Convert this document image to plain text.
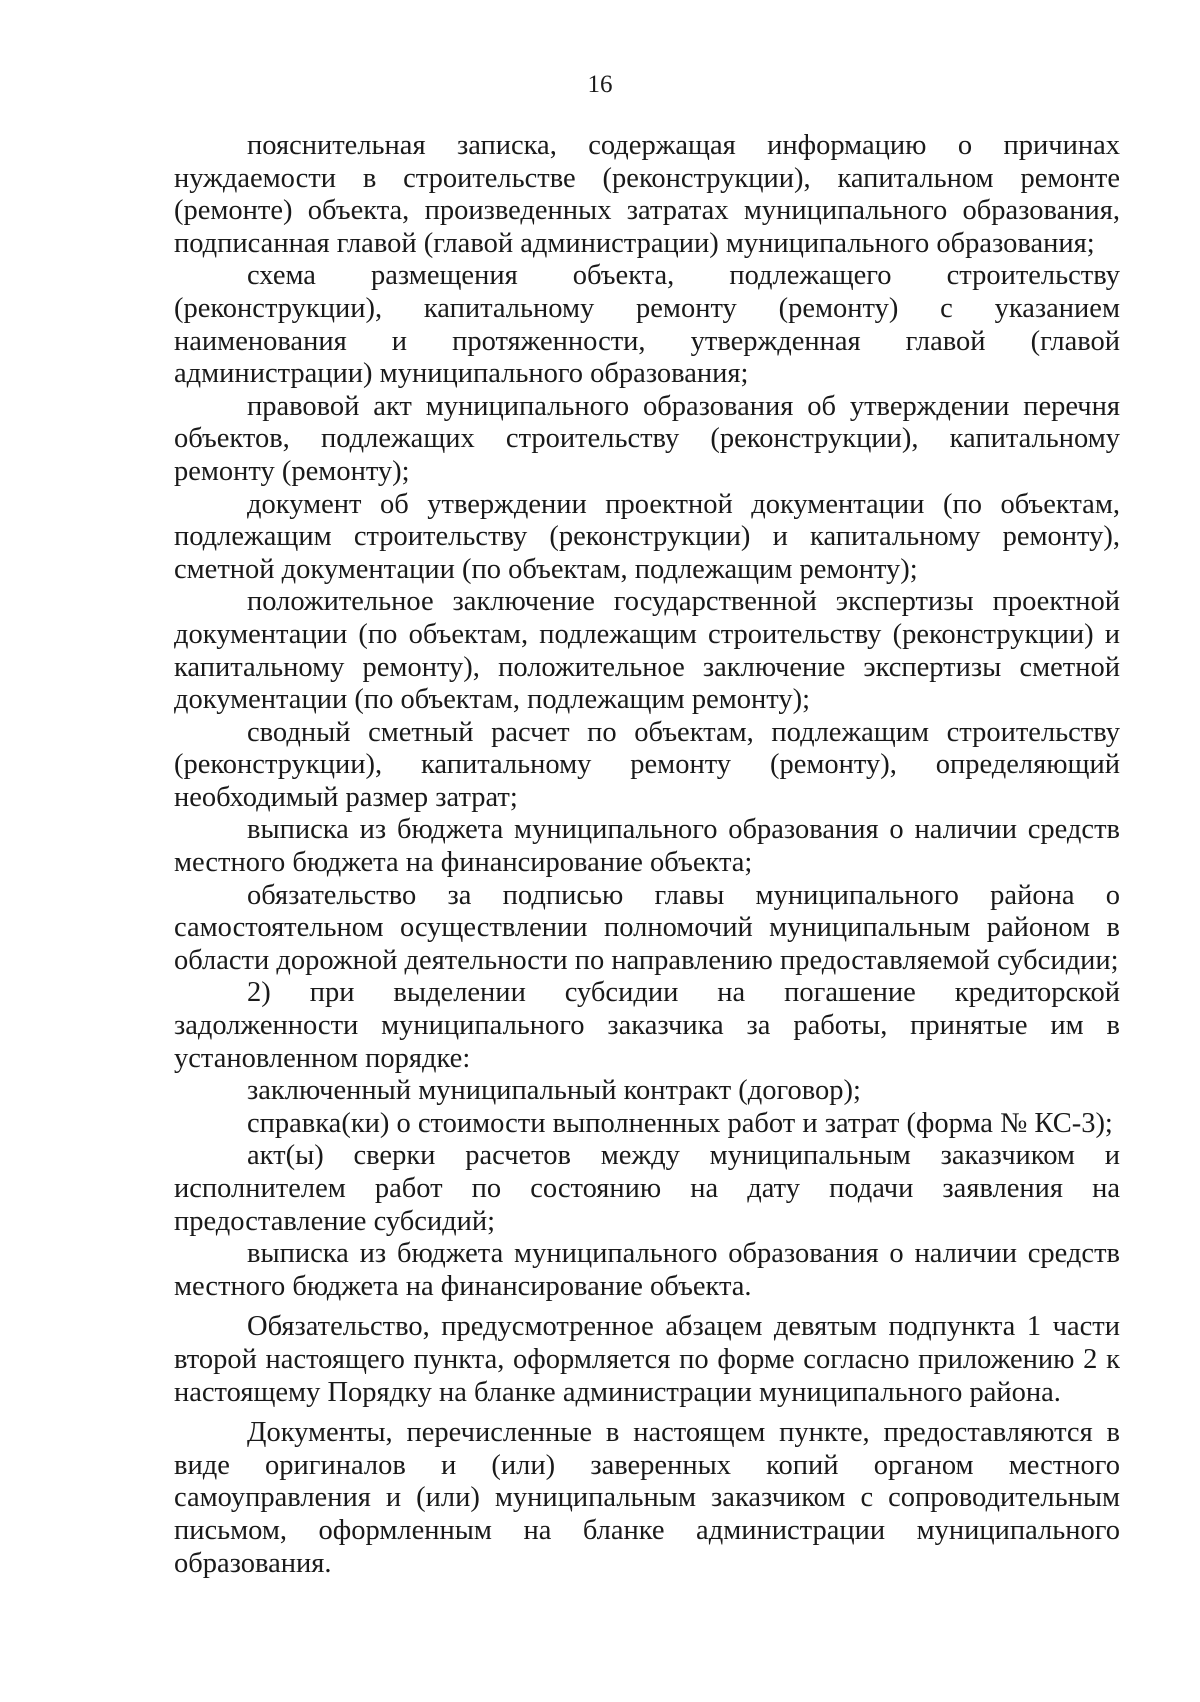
16

пояснительная записка, содержащая информацию о причинах нуждаемости в строительстве (реконструкции), капитальном ремонте (ремонте) объекта, произведенных затратах муниципального образования, подписанная главой (главой администрации) муниципального образования;

схема размещения объекта, подлежащего строительству (реконструкции), капитальному ремонту (ремонту) с указанием наименования и протяженности, утвержденная главой (главой администрации) муниципального образования;

правовой акт муниципального образования об утверждении перечня объектов, подлежащих строительству (реконструкции), капитальному ремонту (ремонту);

документ об утверждении проектной документации (по объектам, подлежащим строительству (реконструкции) и капитальному ремонту), сметной документации (по объектам, подлежащим ремонту);

положительное заключение государственной экспертизы проектной документации (по объектам, подлежащим строительству (реконструкции) и капитальному ремонту), положительное заключение экспертизы сметной документации (по объектам, подлежащим ремонту);

сводный сметный расчет по объектам, подлежащим строительству (реконструкции), капитальному ремонту (ремонту), определяющий необходимый размер затрат;

выписка из бюджета муниципального образования о наличии средств местного бюджета на финансирование объекта;

обязательство за подписью главы муниципального района о самостоятельном осуществлении полномочий муниципальным районом в области дорожной деятельности по направлению предоставляемой субсидии;

2) при выделении субсидии на погашение кредиторской задолженности муниципального заказчика за работы, принятые им в установленном порядке:

заключенный муниципальный контракт (договор);

справка(ки) о стоимости выполненных работ и затрат (форма № КС-3);

акт(ы) сверки расчетов между муниципальным заказчиком и исполнителем работ по состоянию на дату подачи заявления на предоставление субсидий;

выписка из бюджета муниципального образования о наличии средств местного бюджета на финансирование объекта.

Обязательство, предусмотренное абзацем девятым подпункта 1 части второй настоящего пункта, оформляется по форме согласно приложению 2 к настоящему Порядку на бланке администрации муниципального района.

Документы, перечисленные в настоящем пункте, предоставляются в виде оригиналов и (или) заверенных копий органом местного самоуправления и (или) муниципальным заказчиком с сопроводительным письмом, оформленным на бланке администрации муниципального образования.
